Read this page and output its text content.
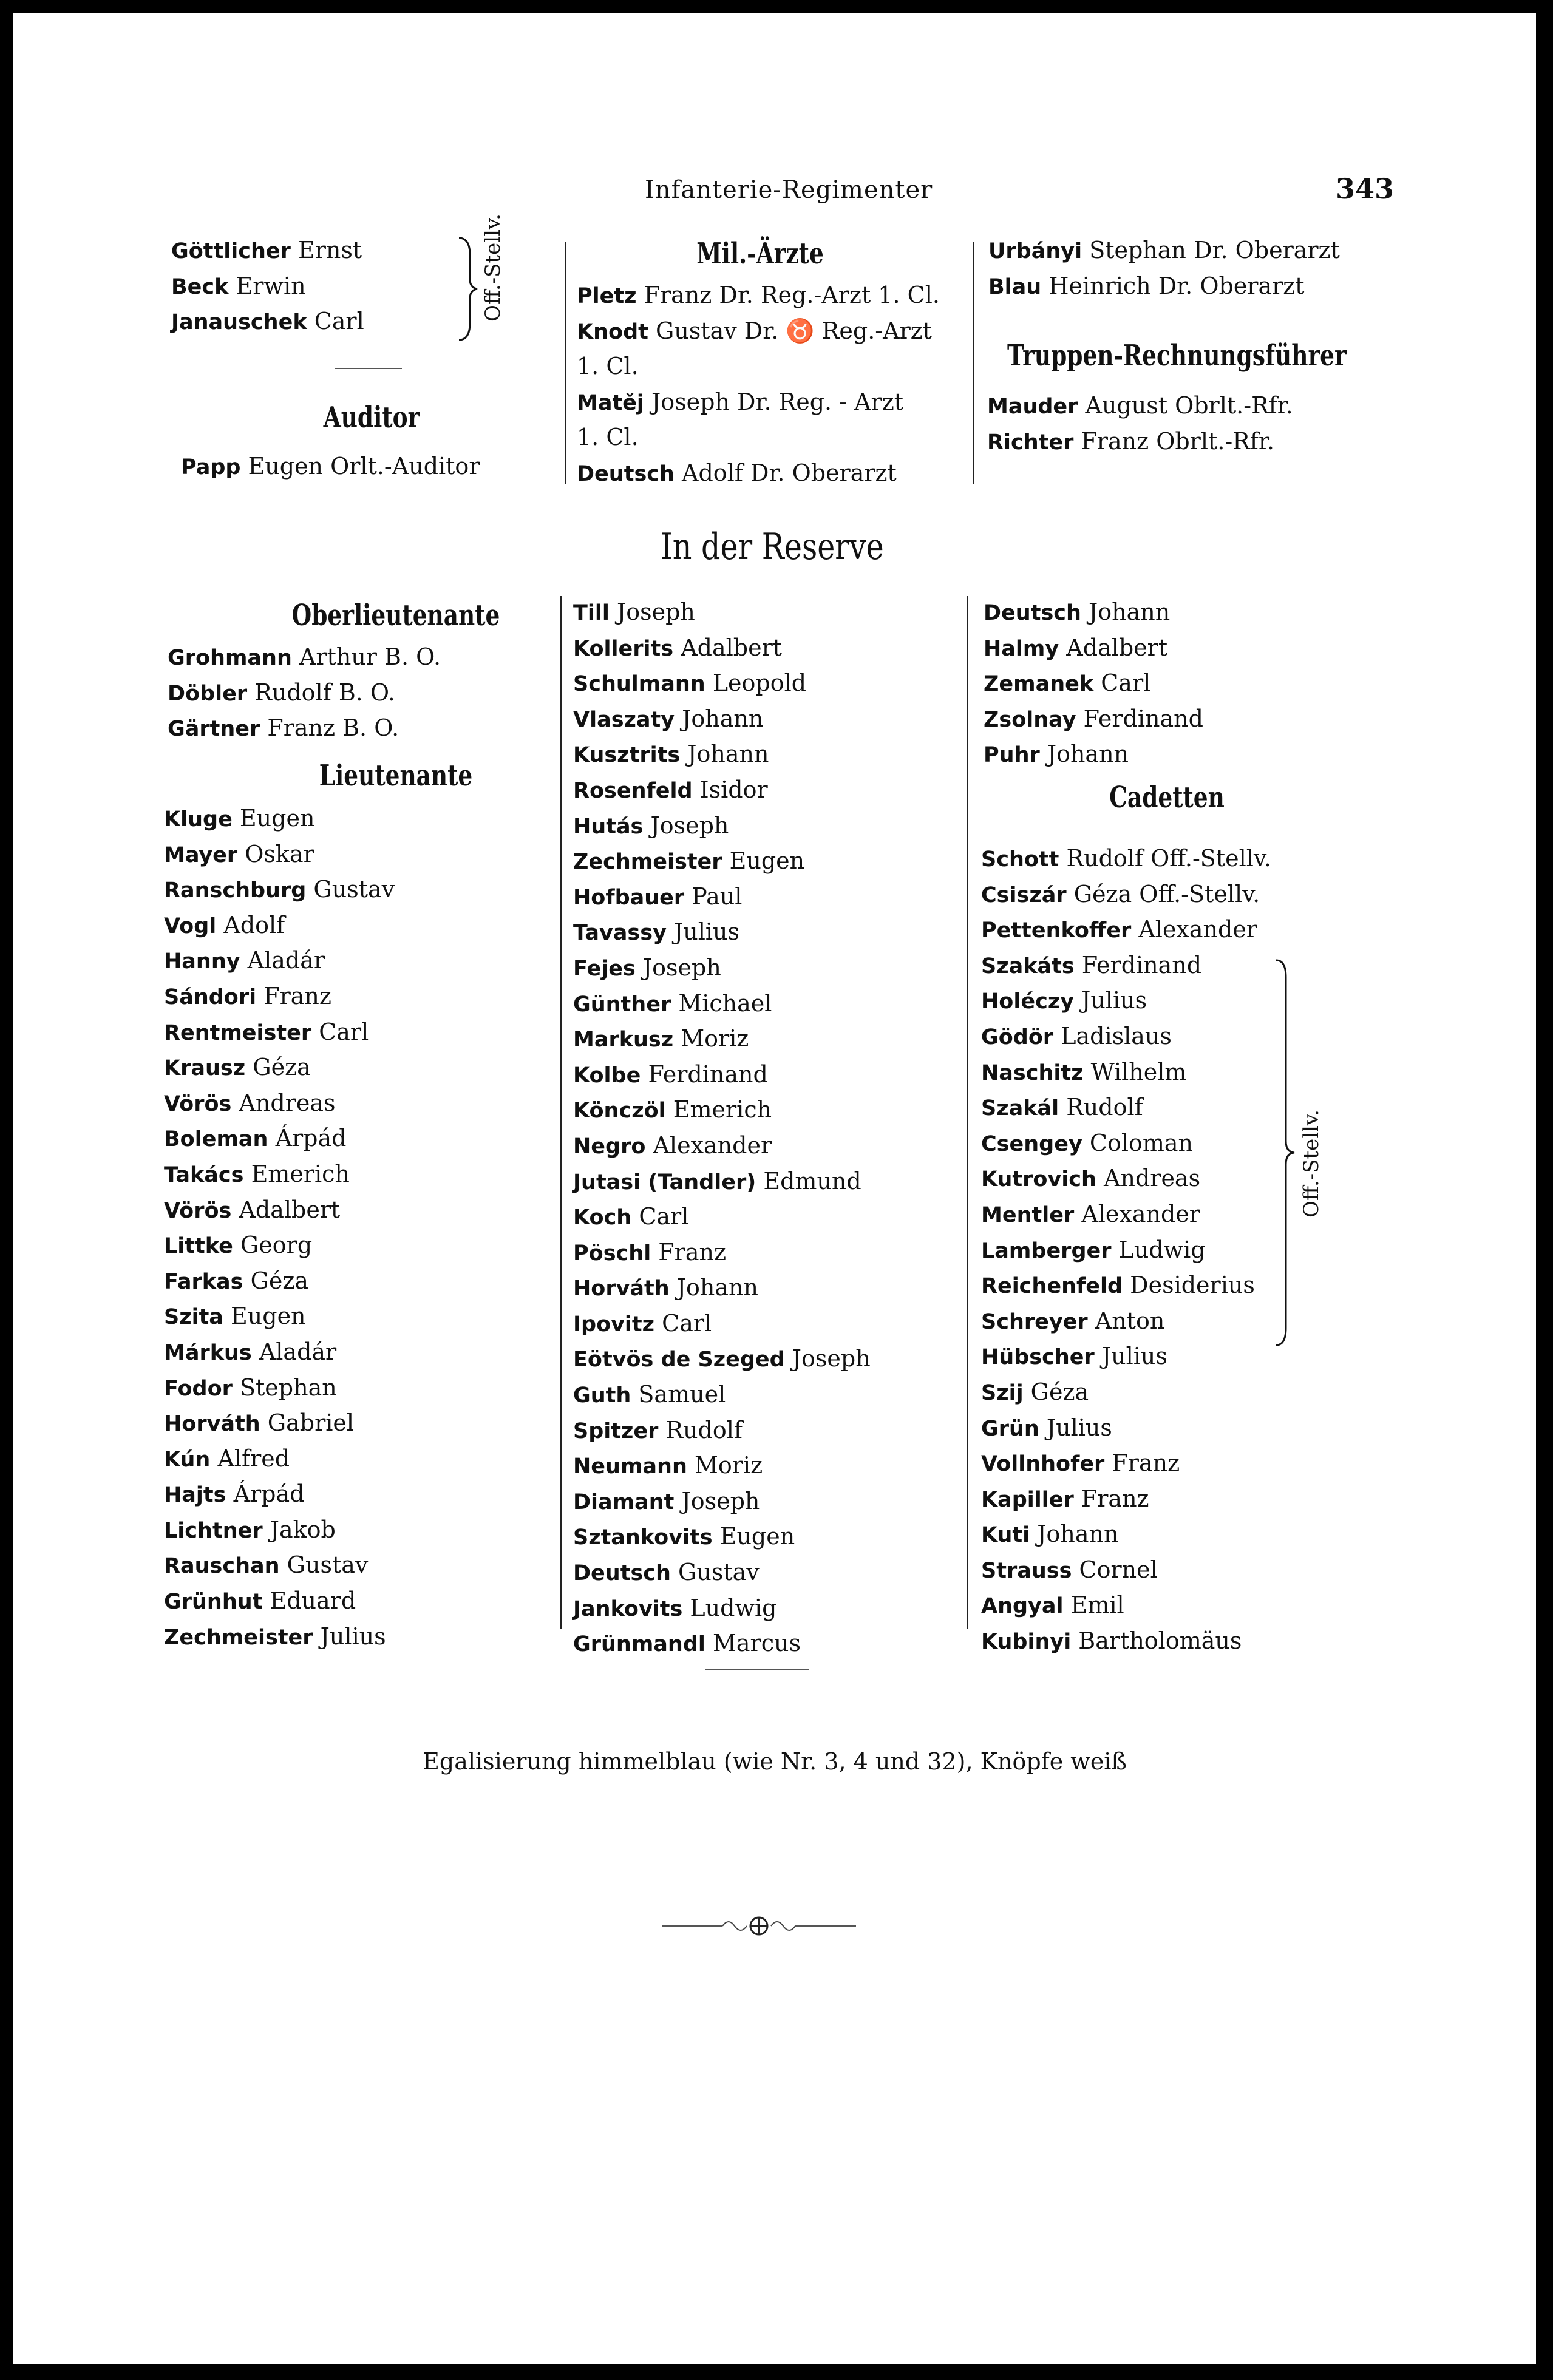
Infanterie-Regimenter	343
Göttlicher Ernst
Beck Erwin
Janauschek Carl	Off.-Stellv.
Auditor
Papp Eugen Orlt.-Auditor
Mil.-Ärzte
Pletz Franz Dr. Reg.-Arzt 1. Cl.
Knodt Gustav Dr. ♉ Reg.-Arzt
1. Cl.
Matěj Joseph Dr. Reg. - Arzt
1. Cl.
Deutsch Adolf Dr. Oberarzt
Urbányi Stephan Dr. Oberarzt
Blau Heinrich Dr. Oberarzt
Truppen-Rechnungsführer
Mauder August Obrlt.-Rfr.
Richter Franz Obrlt.-Rfr.
In der Reserve
Oberlieutenante
Grohmann Arthur B. O.
Döbler Rudolf B. O.
Gärtner Franz B. O.
Lieutenante
Kluge Eugen
Mayer Oskar
Ranschburg Gustav
Vogl Adolf
Hanny Aladár
Sándori Franz
Rentmeister Carl
Krausz Géza
Vörös Andreas
Boleman Árpád
Takács Emerich
Vörös Adalbert
Littke Georg
Farkas Géza
Szita Eugen
Márkus Aladár
Fodor Stephan
Horváth Gabriel
Kún Alfred
Hajts Árpád
Lichtner Jakob
Rauschan Gustav
Grünhut Eduard
Zechmeister Julius
Till Joseph
Kollerits Adalbert
Schulmann Leopold
Vlaszaty Johann
Kusztrits Johann
Rosenfeld Isidor
Hutás Joseph
Zechmeister Eugen
Hofbauer Paul
Tavassy Julius
Fejes Joseph
Günther Michael
Markusz Moriz
Kolbe Ferdinand
Könczöl Emerich
Negro Alexander
Jutasi (Tandler) Edmund
Koch Carl
Pöschl Franz
Horváth Johann
Ipovitz Carl
Eötvös de Szeged Joseph
Guth Samuel
Spitzer Rudolf
Neumann Moriz
Diamant Joseph
Sztankovits Eugen
Deutsch Gustav
Jankovits Ludwig
Grünmandl Marcus
Deutsch Johann
Halmy Adalbert
Zemanek Carl
Zsolnay Ferdinand
Puhr Johann
Cadetten
Schott Rudolf Off.-Stellv.
Csiszár Géza Off.-Stellv.
Pettenkoffer Alexander
Szakáts Ferdinand
Holéczy Julius
Gödör Ladislaus
Naschitz Wilhelm
Szakál Rudolf
Csengey Coloman
Kutrovich Andreas
Mentler Alexander
Lamberger Ludwig
Reichenfeld Desiderius
Schreyer Anton
Hübscher Julius
Szij Géza
Grün Julius
Vollnhofer Franz
Kapiller Franz
Kuti Johann
Strauss Cornel
Angyal Emil
Kubinyi Bartholomäus
Off.-Stellv.
Egalisierung himmelblau (wie Nr. 3, 4 und 32), Knöpfe weiß
